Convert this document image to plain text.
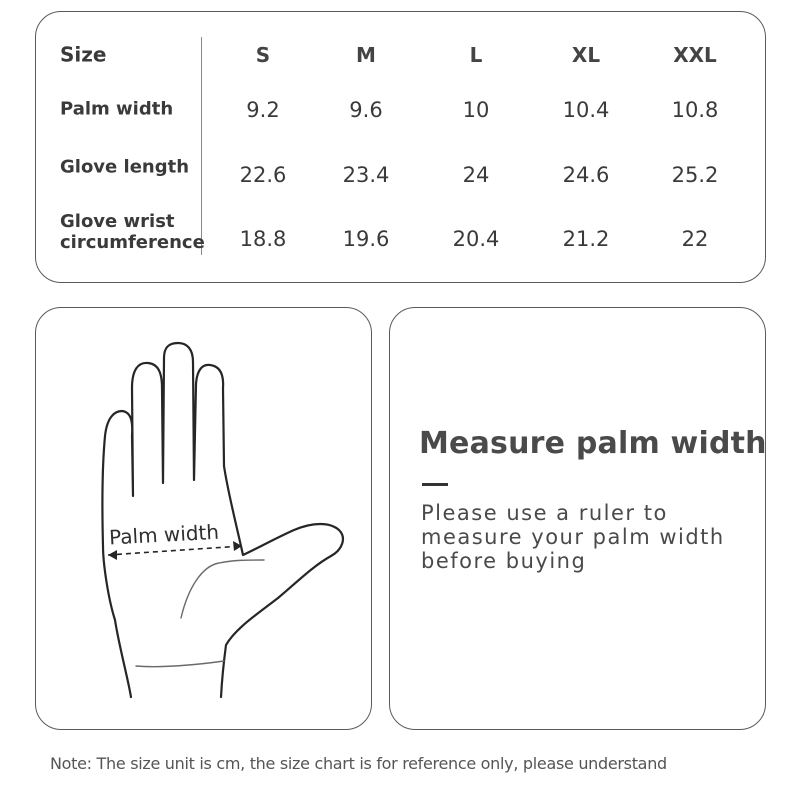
Size	S	M	L	XL	XXL
Palm width	9.2	9.6	10	10.4	10.8
Glove length 22.6	23.4	24	24.6	25.2
Glove wrist
circumference 18.8	19.6	20.4	21.2	22
Palm width
Measure palm width
Please use a ruler to measure your palm width before buying
Note: The size unit is cm, the size chart is for reference only, please understand
